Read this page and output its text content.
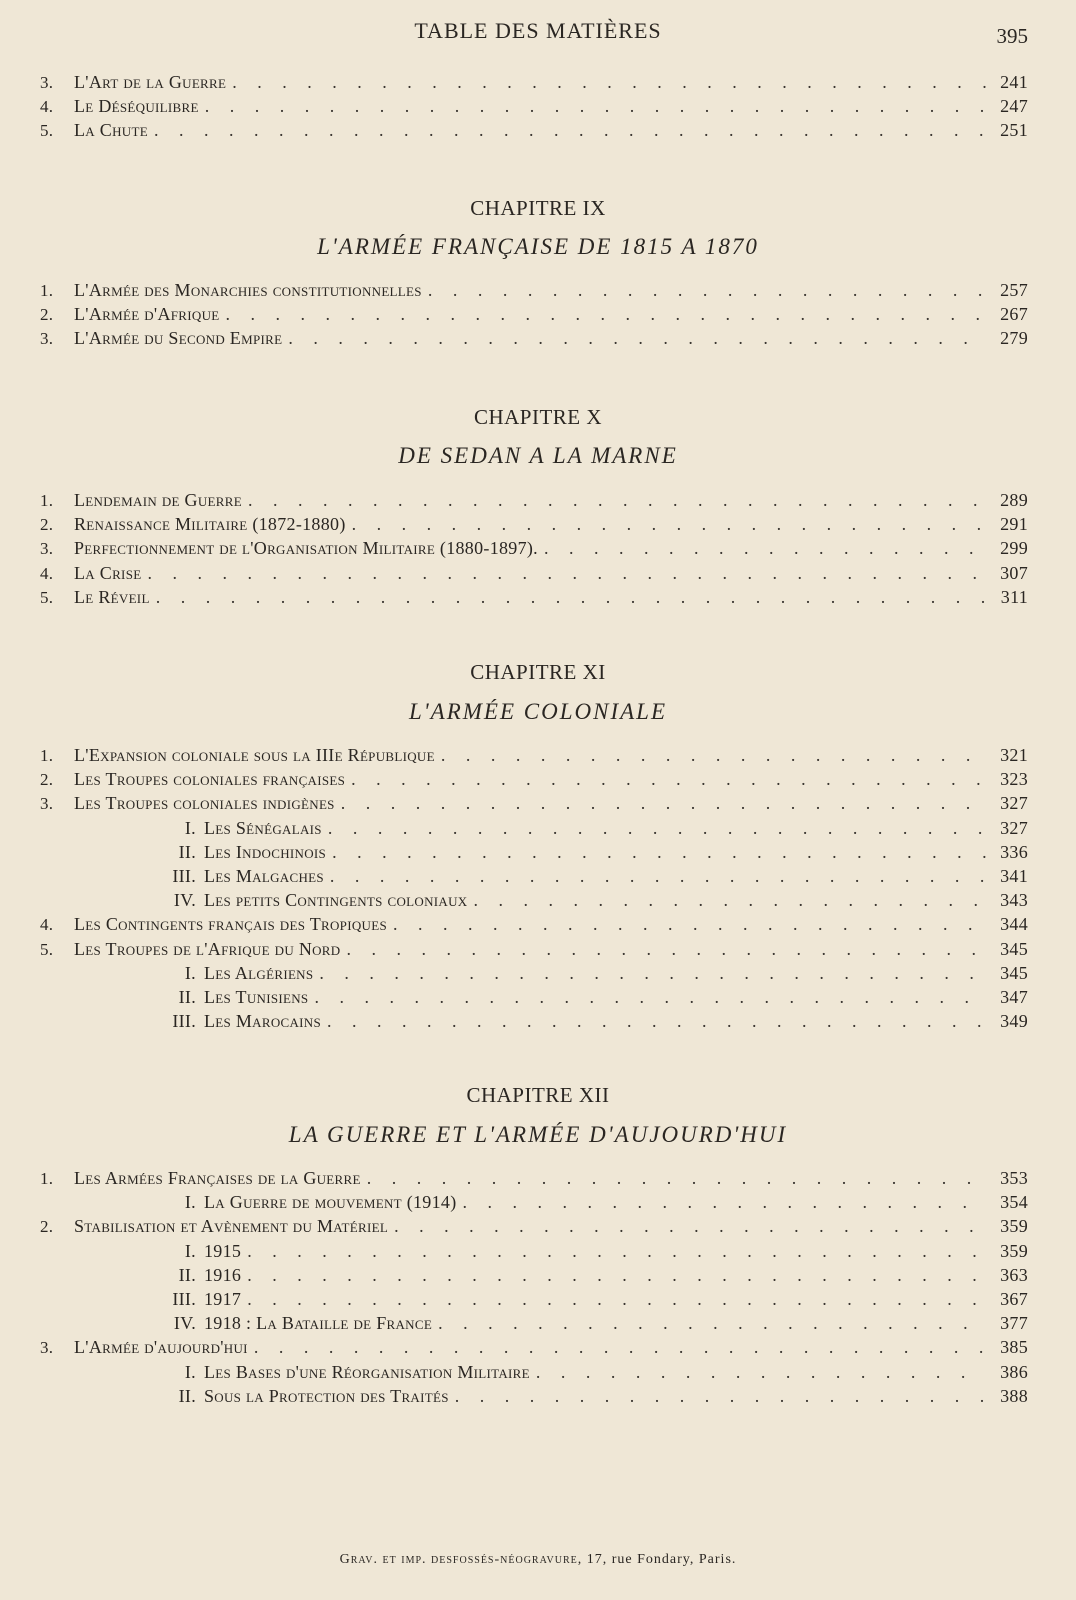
TABLE DES MATIÈRES	395
3.	L'Art de la Guerre . . .	241
4.	Le Déséquilibre . . .	247
5.	La Chute . . .	251
CHAPITRE IX
L'ARMÉE FRANÇAISE DE 1815 A 1870
1.	L'Armée des Monarchies constitutionnelles . . .	257
2.	L'Armée d'Afrique . . .	267
3.	L'Armée du Second Empire . . .	279
CHAPITRE X
DE SEDAN A LA MARNE
1.	Lendemain de Guerre . . .	289
2.	Renaissance Militaire (1872-1880) . . .	291
3.	Perfectionnement de l'Organisation Militaire (1880-1897). . . .	299
4.	La Crise . . .	307
5.	Le Réveil . . .	311
CHAPITRE XI
L'ARMÉE COLONIALE
1.	L'Expansion coloniale sous la IIIe République . . .	321
2.	Les Troupes coloniales françaises . . .	323
3.	Les Troupes coloniales indigènes . . .	327
I. Les Sénégalais . . .	327
II. Les Indochinois . . .	336
III. Les Malgaches . . .	341
IV. Les petits Contingents coloniaux . . .	343
4.	Les Contingents français des Tropiques . . .	344
5.	Les Troupes de l'Afrique du Nord . . .	345
I. Les Algériens . . .	345
II. Les Tunisiens . . .	347
III. Les Marocains . . .	349
CHAPITRE XII
LA GUERRE ET L'ARMÉE D'AUJOURD'HUI
1.	Les Armées Françaises de la Guerre . . .	353
I. La Guerre de mouvement (1914) . . .	354
2.	Stabilisation et Avènement du Matériel . . .	359
I. 1915 . . .	359
II. 1916 . . .	363
III. 1917 . . .	367
IV. 1918 : La Bataille de France . . .	377
3.	L'Armée d'aujourd'hui . . .	385
I. Les Bases d'une Réorganisation Militaire . . .	386
II. Sous la Protection des Traités . . .	388
Grav. et imp. desfossés-néogravure, 17, rue Fondary, Paris.
